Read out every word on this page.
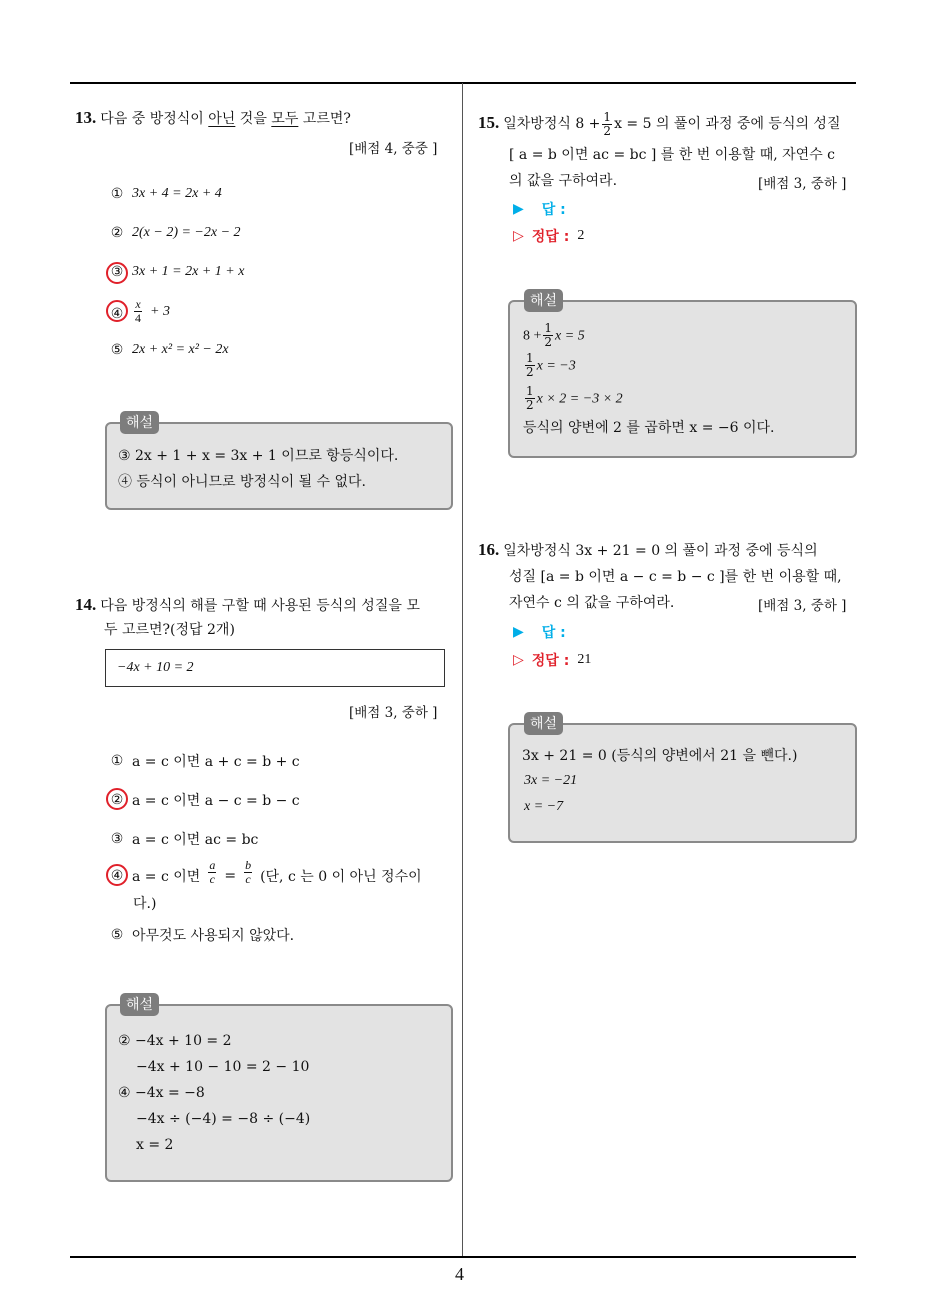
4
13. 다음 중 방정식이 아닌 것을 모두 고르면?
[배점 4, 중중 ]
① 3x + 4 = 2x + 4
② 2(x − 2) = −2x − 2
③ 3x + 1 = 2x + 1 + x
④ $\frac{x}{4} + 3$
⑤ 2x + x² = x² − 2x
해설
③ 2x + 1 + x = 3x + 1 이므로 항등식이다.
④ 등식이 아니므로 방정식이 될 수 없다.
14. 다음 방정식의 해를 구할 때 사용된 등식의 성질을 모
두 고르면?(정답 2개)
−4x + 10 = 2
[배점 3, 중하 ]
① a = c 이면 a + c = b + c
② a = c 이면 a − c = b − c
③ a = c 이면 ac = bc
④ a = c 이면 $\frac{a}{c} = \frac{b}{c}$ (단, c 는 0 이 아닌 정수이
다.)
⑤ 아무것도 사용되지 않았다.
해설
② −4x + 10 = 2
−4x + 10 − 10 = 2 − 10
④ −4x = −8
−4x ÷ (−4) = −8 ÷ (−4)
x = 2
15. 일차방정식 $8 + \frac{1}{2}$ x = 5 의 풀이 과정 중에 등식의 성질
[ a = b 이면 ac = bc ] 를 한 번 이용할 때, 자연수 c
의 값을 구하여라.	[배점 3, 중하 ]
▶ 답 :
▷ 정답 : 2
해설
$8 + \frac{1}{2}$ x = 5
$\frac{1}{2}$ x = −3
$\frac{1}{2}$ x × 2 = −3 × 2
등식의 양변에 2 를 곱하면 x = −6 이다.
16. 일차방정식 3x + 21 = 0 의 풀이 과정 중에 등식의
성질 [a = b 이면 a − c = b − c ]를 한 번 이용할 때,
자연수 c 의 값을 구하여라.	[배점 3, 중하 ]
▶ 답 :
▷ 정답 : 21
해설
3x + 21 = 0 (등식의 양변에서 21 을 뺀다.)
3x = −21
x = −7
